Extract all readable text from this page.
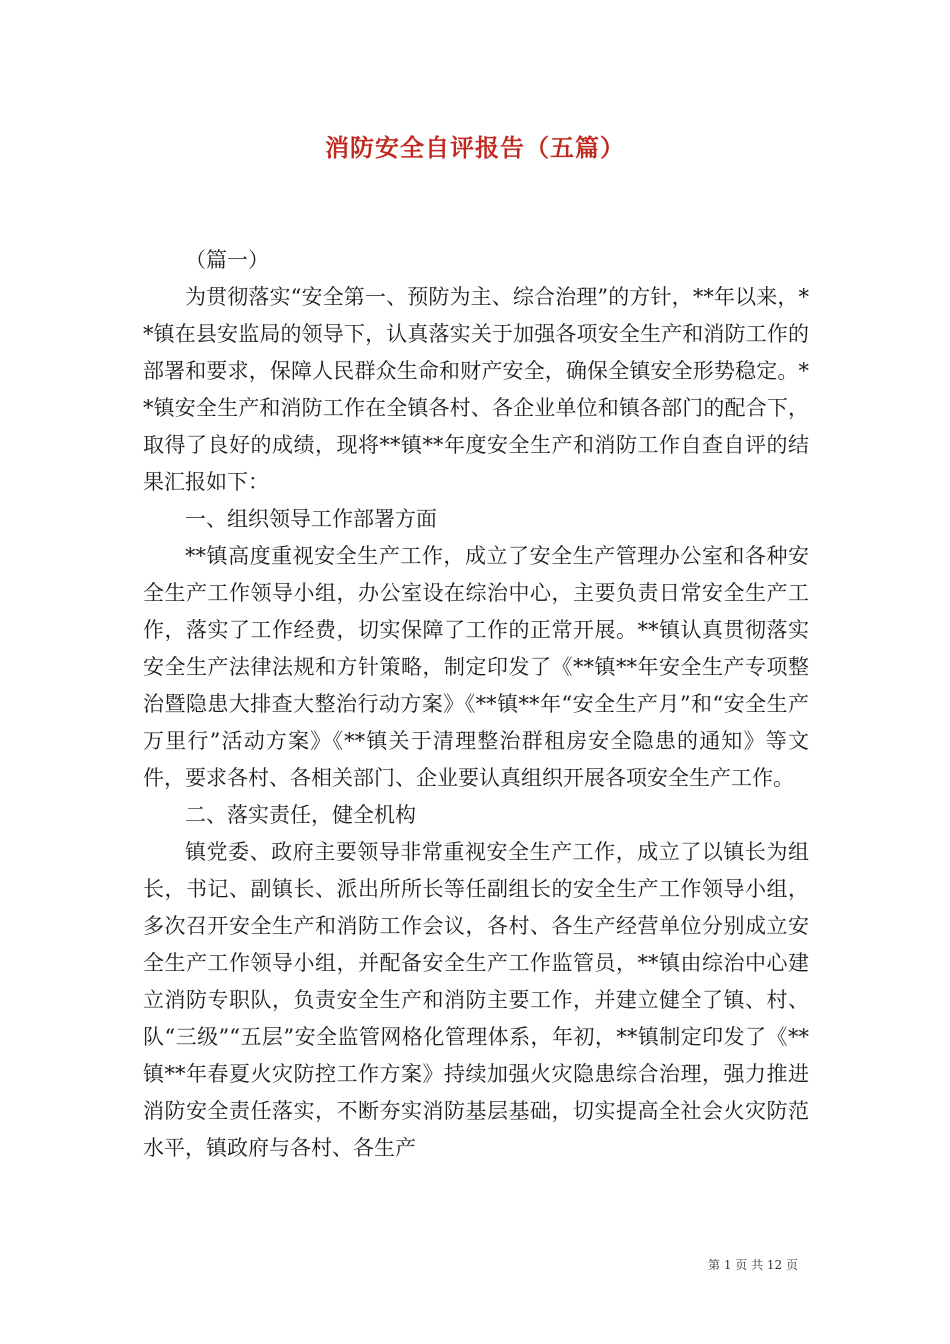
消防安全自评报告（五篇）

（篇一）

为贯彻落实“安全第一、预防为主、综合治理”的方针，**年以来，**镇在县安监局的领导下，认真落实关于加强各项安全生产和消防工作的部署和要求，保障人民群众生命和财产安全，确保全镇安全形势稳定。**镇安全生产和消防工作在全镇各村、各企业单位和镇各部门的配合下，取得了良好的成绩，现将**镇**年度安全生产和消防工作自查自评的结果汇报如下：

一、组织领导工作部署方面

**镇高度重视安全生产工作，成立了安全生产管理办公室和各种安全生产工作领导小组，办公室设在综治中心，主要负责日常安全生产工作，落实了工作经费，切实保障了工作的正常开展。**镇认真贯彻落实安全生产法律法规和方针策略，制定印发了《**镇**年安全生产专项整治暨隐患大排查大整治行动方案》《**镇**年“安全生产月”和“安全生产万里行”活动方案》《**镇关于清理整治群租房安全隐患的通知》等文件，要求各村、各相关部门、企业要认真组织开展各项安全生产工作。

二、落实责任，健全机构

镇党委、政府主要领导非常重视安全生产工作，成立了以镇长为组长，书记、副镇长、派出所所长等任副组长的安全生产工作领导小组，多次召开安全生产和消防工作会议，各村、各生产经营单位分别成立安全生产工作领导小组，并配备安全生产工作监管员，**镇由综治中心建立消防专职队，负责安全生产和消防主要工作，并建立健全了镇、村、队“三级”“五层”安全监管网格化管理体系，年初，**镇制定印发了《**镇**年春夏火灾防控工作方案》持续加强火灾隐患综合治理，强力推进消防安全责任落实，不断夯实消防基层基础，切实提高全社会火灾防范水平，镇政府与各村、各生产

第 1 页 共 12 页
